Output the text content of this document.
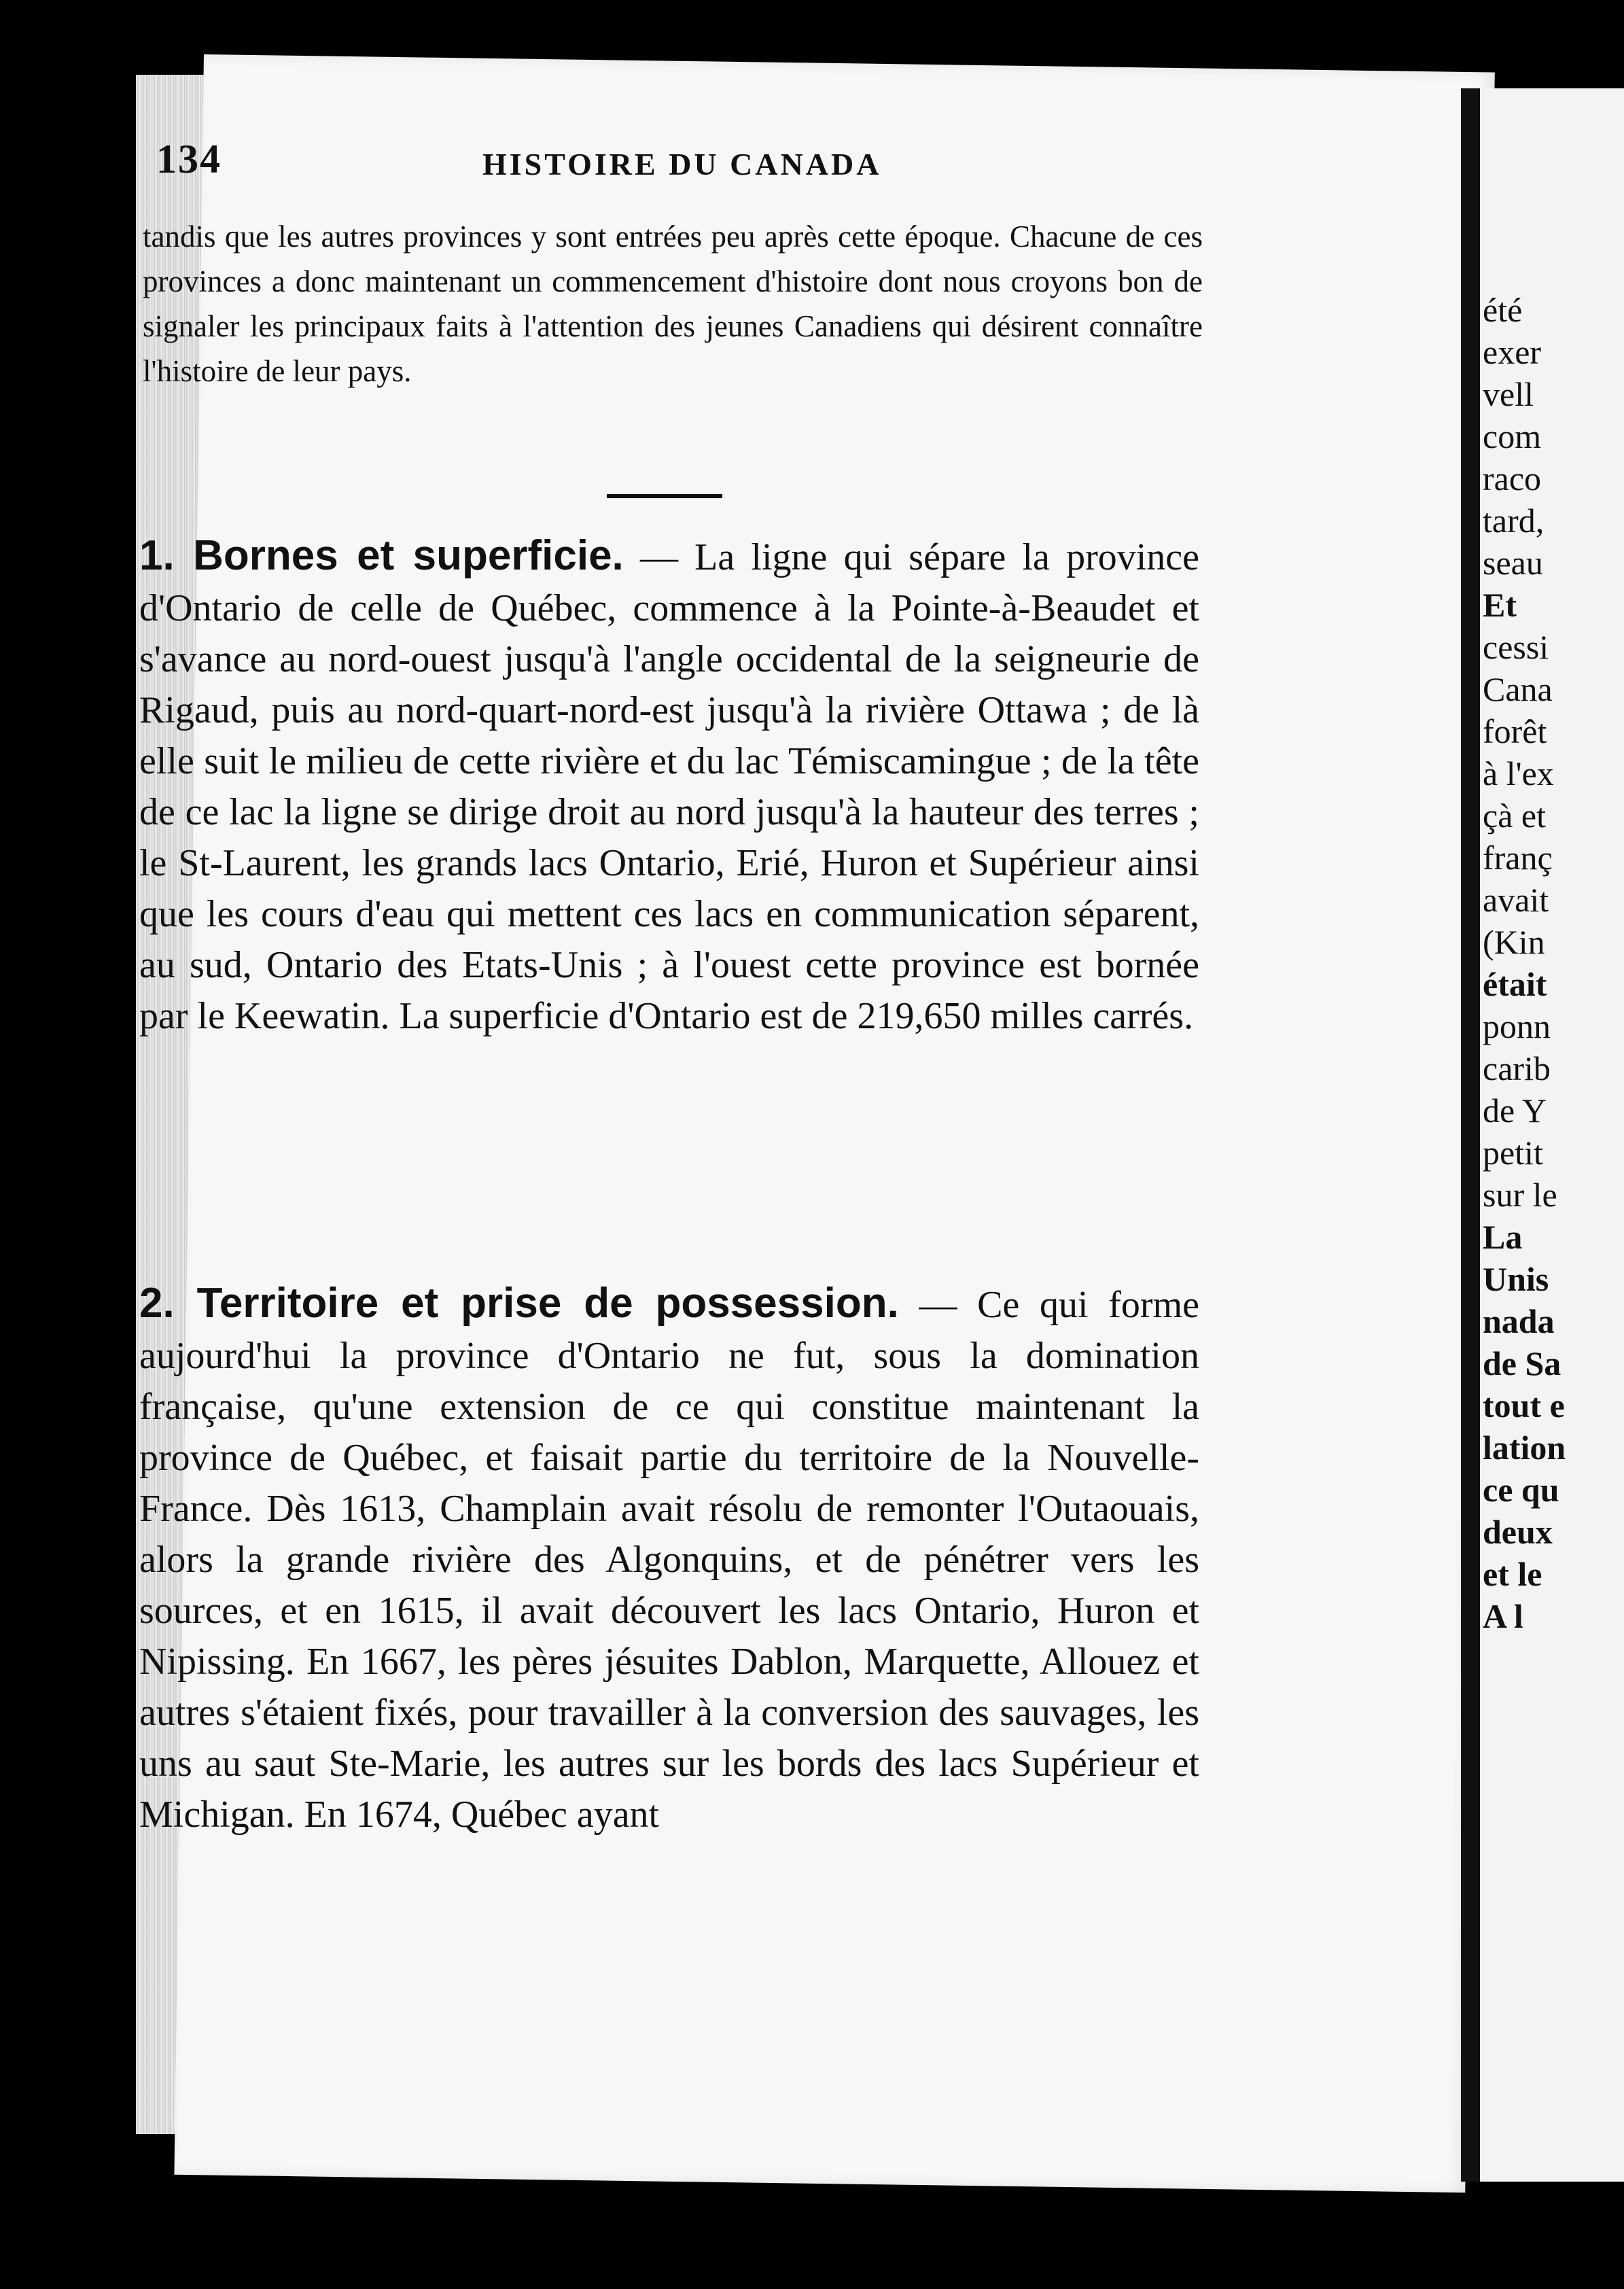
134	HISTOIRE DU CANADA
tandis que les autres provinces y sont entrées peu après cette époque. Chacune de ces provinces a donc maintenant un commencement d'histoire dont nous croyons bon de signaler les principaux faits à l'attention des jeunes Canadiens qui désirent connaître l'histoire de leur pays.
1. Bornes et superficie. — La ligne qui sépare la province d'Ontario de celle de Québec, commence à la Pointe-à-Beaudet et s'avance au nord-ouest jusqu'à l'angle occidental de la seigneurie de Rigaud, puis au nord-quart-nord-est jusqu'à la rivière Ottawa ; de là elle suit le milieu de cette rivière et du lac Témiscamingue ; de la tête de ce lac la ligne se dirige droit au nord jusqu'à la hauteur des terres ; le St-Laurent, les grands lacs Ontario, Erié, Huron et Supérieur ainsi que les cours d'eau qui mettent ces lacs en communication séparent, au sud, Ontario des Etats-Unis ; à l'ouest cette province est bornée par le Keewatin. La superficie d'Ontario est de 219,650 milles carrés.
2. Territoire et prise de possession. — Ce qui forme aujourd'hui la province d'Ontario ne fut, sous la domination française, qu'une extension de ce qui constitue maintenant la province de Québec, et faisait partie du territoire de la Nouvelle-France. Dès 1613, Champlain avait résolu de remonter l'Outaouais, alors la grande rivière des Algonquins, et de pénétrer vers les sources, et en 1615, il avait découvert les lacs Ontario, Huron et Nipissing. En 1667, les pères jésuites Dablon, Marquette, Allouez et autres s'étaient fixés, pour travailler à la conversion des sauvages, les uns au saut Ste-Marie, les autres sur les bords des lacs Supérieur et Michigan. En 1674, Québec ayant
été
exer
vell
com
raco
tard,
seau
Et
cessi
Cana
forêt
à l'ex
çà et
franç
avait
(Kin
était
ponn
carib
de Y
petit
sur le
La
Unis
nada
de Sa
tout e
lation
ce qu
deux
et le
A l
